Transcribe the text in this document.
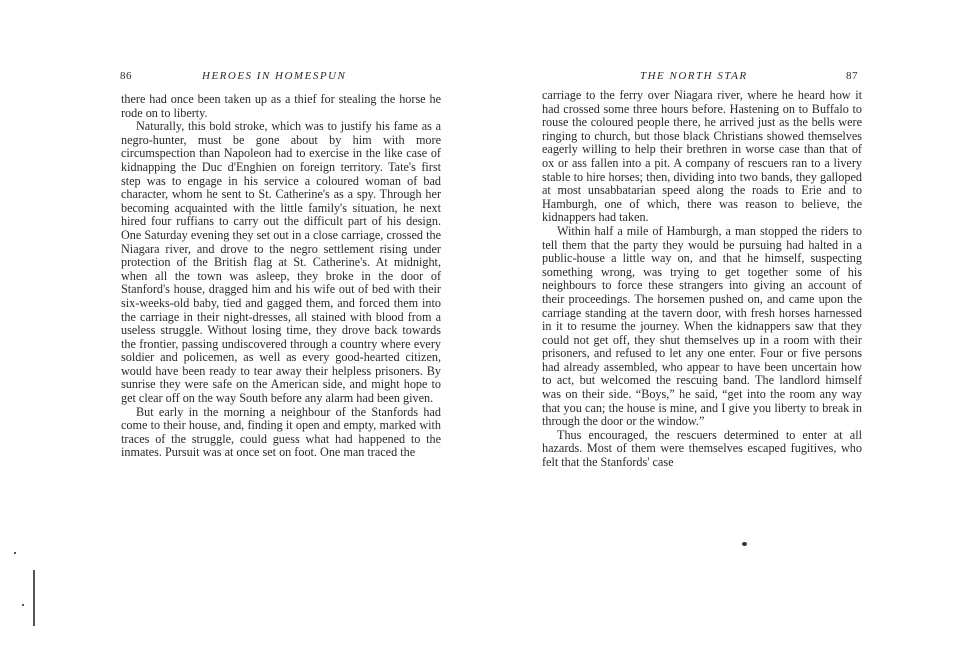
86	HEROES IN HOMESPUN

there had once been taken up as a thief for stealing the horse he rode on to liberty.

Naturally, this bold stroke, which was to justify his fame as a negro-hunter, must be gone about by him with more circumspection than Napoleon had to exercise in the like case of kidnapping the Duc d'Enghien on foreign territory. Tate's first step was to engage in his service a coloured woman of bad character, whom he sent to St. Catherine's as a spy. Through her becoming acquainted with the little family's situation, he next hired four ruffians to carry out the difficult part of his design. One Saturday evening they set out in a close carriage, crossed the Niagara river, and drove to the negro settlement rising under protection of the British flag at St. Catherine's. At midnight, when all the town was asleep, they broke in the door of Stanford's house, dragged him and his wife out of bed with their six-weeks-old baby, tied and gagged them, and forced them into the carriage in their night-dresses, all stained with blood from a useless struggle. Without losing time, they drove back towards the frontier, passing undiscovered through a country where every soldier and policemen, as well as every good-hearted citizen, would have been ready to tear away their helpless prisoners. By sunrise they were safe on the American side, and might hope to get clear off on the way South before any alarm had been given.

But early in the morning a neighbour of the Stanfords had come to their house, and, finding it open and empty, marked with traces of the struggle, could guess what had happened to the inmates. Pursuit was at once set on foot. One man traced the

THE NORTH STAR	87

carriage to the ferry over Niagara river, where he heard how it had crossed some three hours before. Hastening on to Buffalo to rouse the coloured people there, he arrived just as the bells were ringing to church, but those black Christians showed themselves eagerly willing to help their brethren in worse case than that of ox or ass fallen into a pit. A company of rescuers ran to a livery stable to hire horses; then, dividing into two bands, they galloped at most unsabbatarian speed along the roads to Erie and to Hamburgh, one of which, there was reason to believe, the kidnappers had taken.

Within half a mile of Hamburgh, a man stopped the riders to tell them that the party they would be pursuing had halted in a public-house a little way on, and that he himself, suspecting something wrong, was trying to get together some of his neighbours to force these strangers into giving an account of their proceedings. The horsemen pushed on, and came upon the carriage standing at the tavern door, with fresh horses harnessed in it to resume the journey. When the kidnappers saw that they could not get off, they shut themselves up in a room with their prisoners, and refused to let any one enter. Four or five persons had already assembled, who appear to have been uncertain how to act, but welcomed the rescuing band. The landlord himself was on their side. “Boys,” he said, “get into the room any way that you can; the house is mine, and I give you liberty to break in through the door or the window.”

Thus encouraged, the rescuers determined to enter at all hazards. Most of them were themselves escaped fugitives, who felt that the Stanfords' case
